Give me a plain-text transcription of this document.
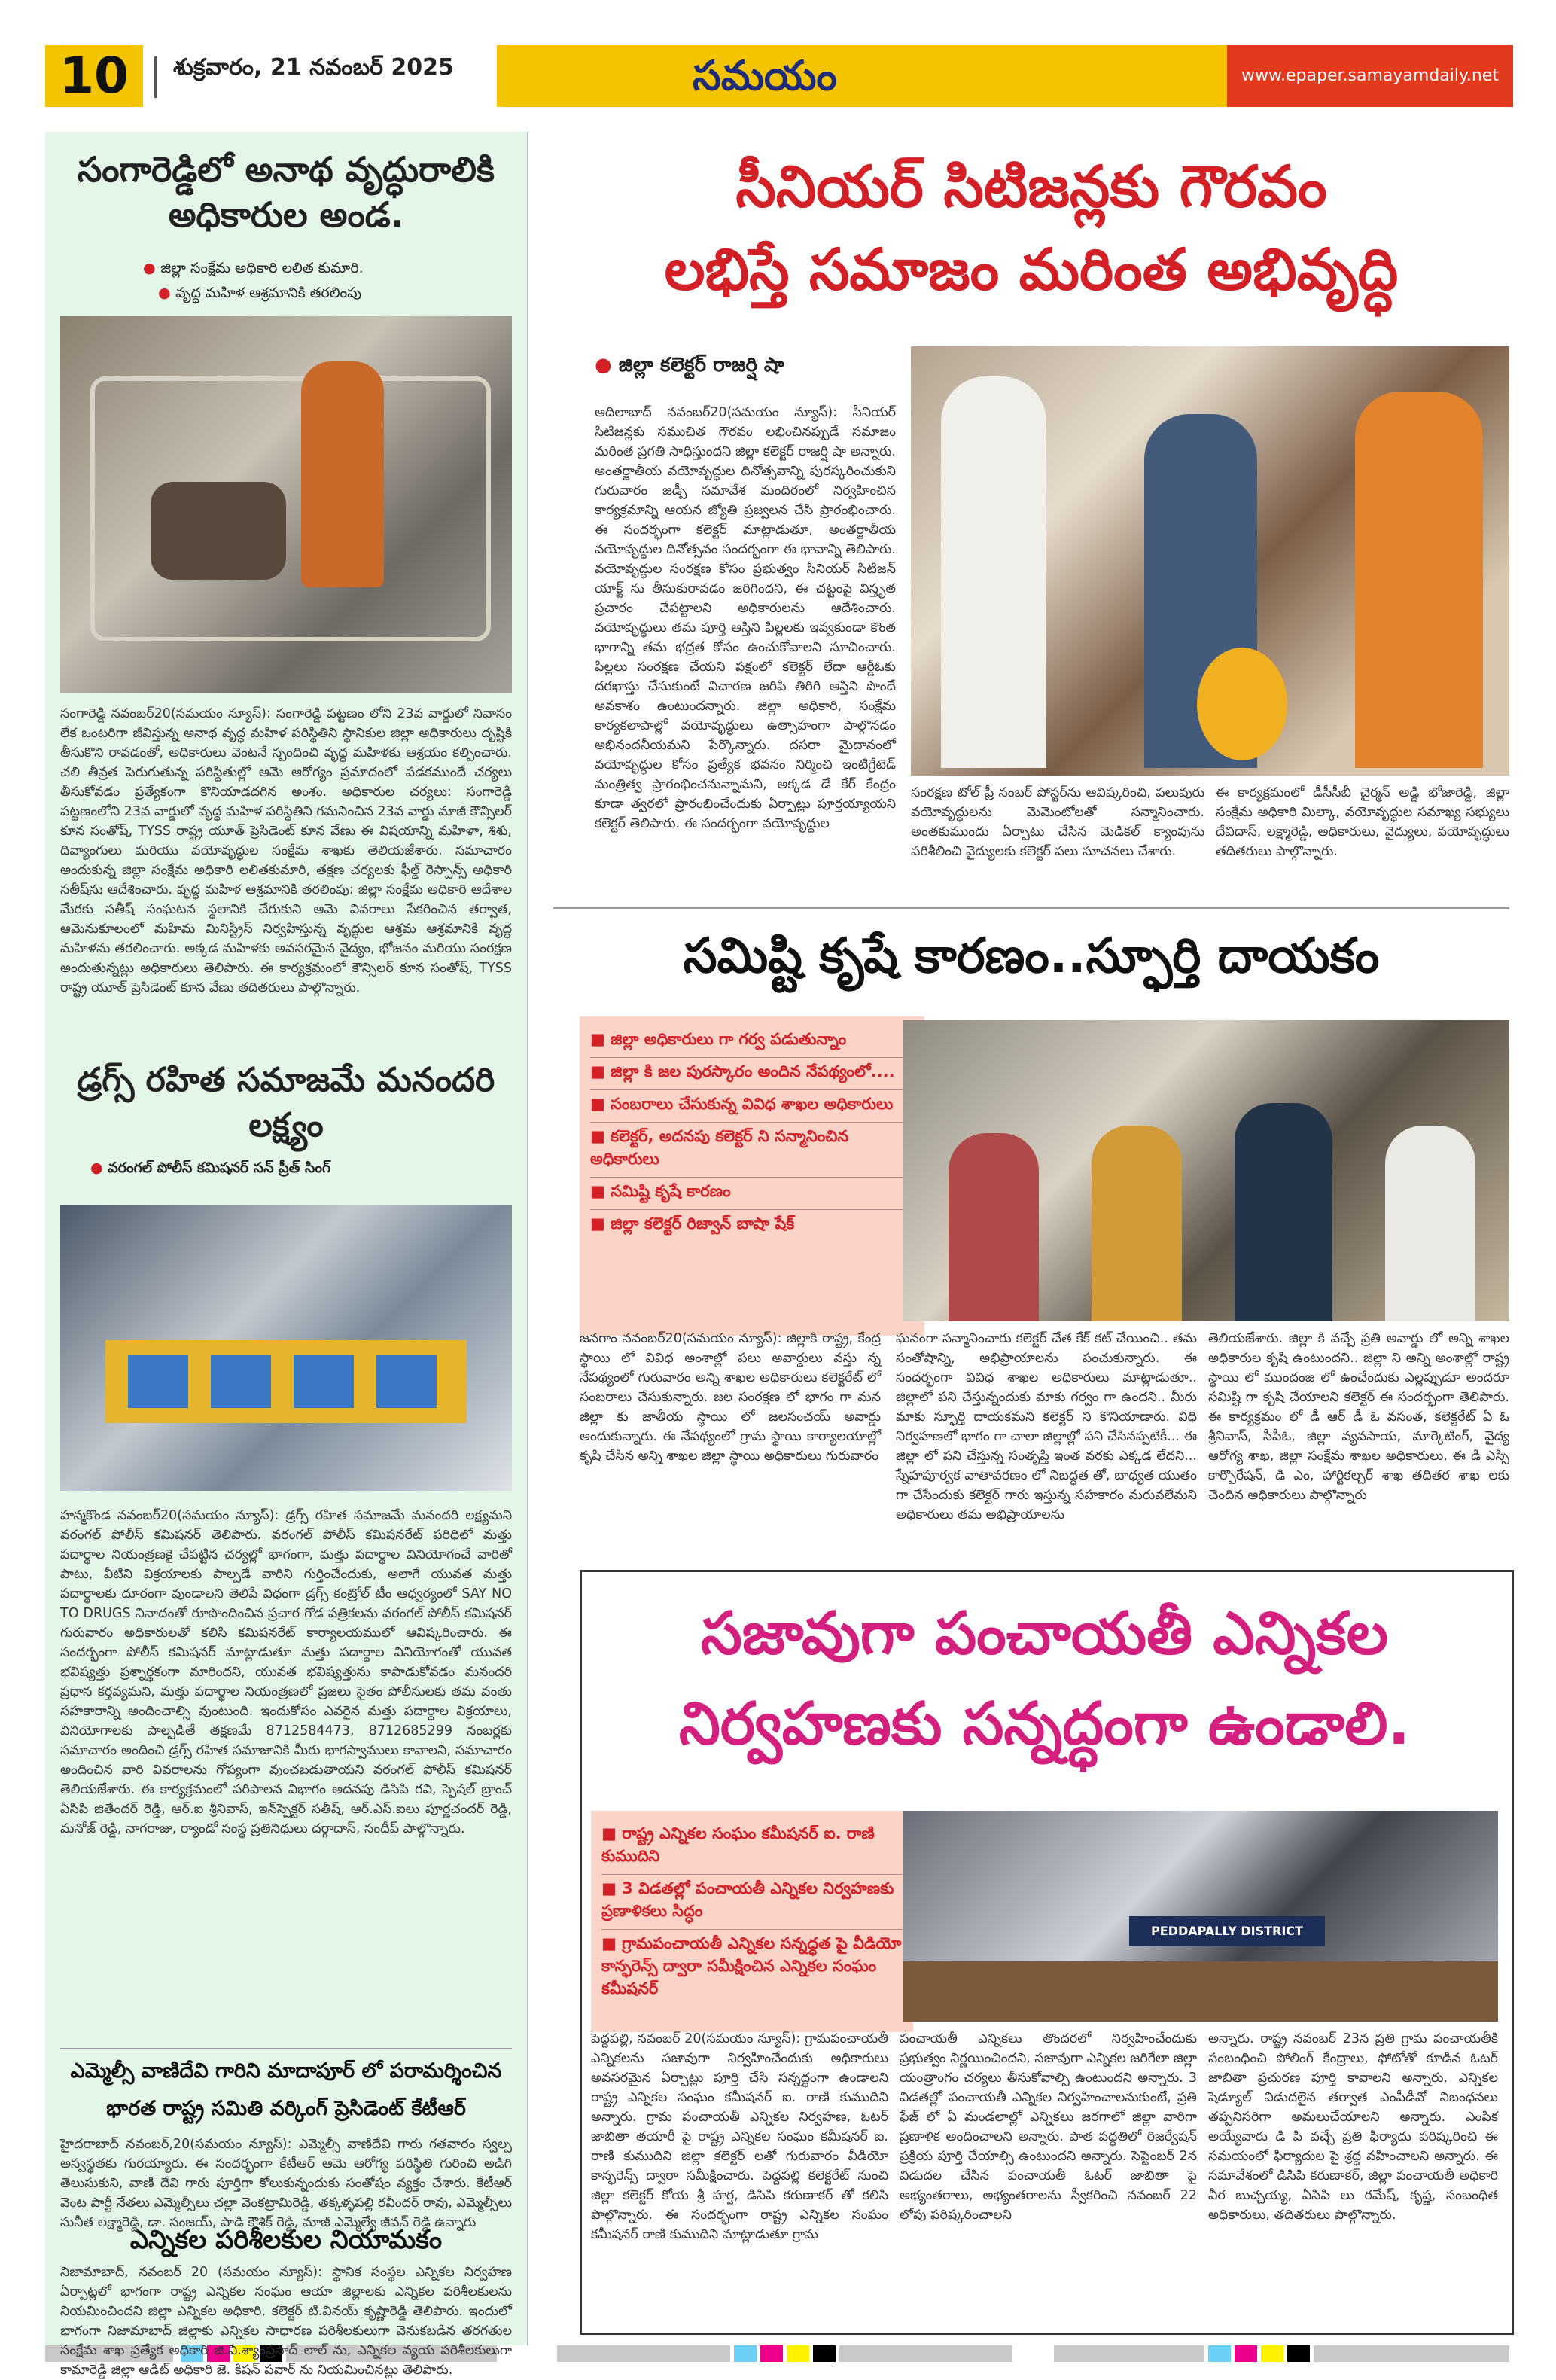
10	శుక్రవారం, 21 నవంబర్ 2025	సమయం	www.epaper.samayamdaily.net
సంగారెడ్డిలో అనాథ వృద్ధురాలికి అధికారుల అండ.
● జిల్లా సంక్షేమ అధికారి లలిత కుమారి.
● వృద్ధ మహిళ ఆశ్రమానికి తరలింపు
సంగారెడ్డి నవంబర్20(సమయం న్యూస్): సంగారెడ్డి పట్టణం లోని 23వ వార్డులో నివాసం లేక ఒంటరిగా జీవిస్తున్న అనాథ వృద్ధ మహిళ పరిస్థితిని స్థానికుల జిల్లా అధికారులు దృష్టికి తీసుకొని రావడంతో, అధికారులు వెంటనే స్పందించి వృద్ధ మహిళకు ఆశ్రయం కల్పించారు. చలి తీవ్రత పెరుగుతున్న పరిస్థితుల్లో ఆమె ఆరోగ్యం ప్రమాదంలో పడకముందే చర్యలు తీసుకోవడం ప్రత్యేకంగా కొనియాడదగిన అంశం. అధికారుల చర్యలు: సంగారెడ్డి పట్టణంలోని 23వ వార్డులో వృద్ధ మహిళ పరిస్థితిని గమనించిన 23వ వార్డు మాజీ కౌన్సిలర్ కూన సంతోష్, TYSS రాష్ట్ర యూత్ ప్రెసిడెంట్ కూన వేణు ఈ విషయాన్ని మహిళా, శిశు, దివ్యాంగులు మరియు వయోవృద్ధుల సంక్షేమ శాఖకు తెలియజేశారు. సమాచారం అందుకున్న జిల్లా సంక్షేమ అధికారి లలితకుమారి, తక్షణ చర్యలకు ఫీల్డ్ రెస్పాన్స్ అధికారి సతీష్‌ను ఆదేశించారు. వృద్ధ మహిళ ఆశ్రమానికి తరలింపు: జిల్లా సంక్షేమ అధికారి ఆదేశాల మేరకు సతీష్ సంఘటన స్థలానికి చేరుకుని ఆమె వివరాలు సేకరించిన తర్వాత, ఆమెనుకూలంలో మహిమ మినిస్ట్రీస్ నిర్వహిస్తున్న వృద్ధుల ఆశ్రమ ఆశ్రమానికి వృద్ధ మహిళను తరలించారు. అక్కడ మహిళకు అవసరమైన వైద్యం, భోజనం మరియు సంరక్షణ అందుతున్నట్లు అధికారులు తెలిపారు. ఈ కార్యక్రమంలో కౌన్సిలర్ కూన సంతోష్, TYSS రాష్ట్ర యూత్ ప్రెసిడెంట్ కూన వేణు తదితరులు పాల్గొన్నారు.
డ్రగ్స్ రహిత సమాజమే మనందరి లక్ష్యం
● వరంగల్ పోలీస్ కమిషనర్ సన్ ప్రీత్ సింగ్
హన్మకొండ నవంబర్20(సమయం న్యూస్): డ్రగ్స్ రహిత సమాజమే మనందరి లక్ష్యమని వరంగల్ పోలీస్ కమిషనర్ తెలిపారు. వరంగల్ పోలీస్ కమిషనరేట్ పరిధిలో మత్తు పదార్థాల నియంత్రణకై చేపట్టిన చర్యల్లో భాగంగా, మత్తు పదార్థాల వినియోగంచే వారితో పాటు, వీటిని విక్రయాలకు పాల్పడే వారిని గుర్తించేందుకు, అలాగే యువత మత్తు పదార్థాలకు దూరంగా వుండాలని తెలిపే విధంగా డ్రగ్స్ కంట్రోల్ టీం ఆధ్వర్యంలో SAY NO TO DRUGS నినాదంతో రూపొందించిన ప్రచార గోడ పత్రికలను వరంగల్ పోలీస్ కమిషనర్ గురువారం అధికారులతో కలిసి కమిషనరేట్ కార్యాలయములో ఆవిష్కరించారు. ఈ సందర్భంగా పోలీస్ కమిషనర్ మాట్లాడుతూ మత్తు పదార్థాల వినియోగంతో యువత భవిష్యత్తు ప్రశ్నార్థకంగా మారిందని, యువత భవిష్యత్తును కాపాడుకోవడం మనందరి ప్రధాన కర్తవ్యమని, మత్తు పదార్థాల నియంత్రణలో ప్రజలు సైతం పోలీసులకు తమ వంతు సహకారాన్ని అందించాల్సి వుంటుంది. ఇందుకోసం ఎవరైన మత్తు పదార్థాల విక్రయాలు, వినియోగాలకు పాల్పడితే తక్షణమే 8712584473, 8712685299 నంబర్లకు సమాచారం అందించి డ్రగ్స్ రహిత సమాజానికి మీరు భాగస్వాములు కావాలని, సమాచారం అందించిన వారి వివరాలను గోప్యంగా వుంచబడుతాయని వరంగల్ పోలీస్ కమిషనర్ తెలియజేశారు. ఈ కార్యక్రమంలో పరిపాలన విభాగం అదనపు డిసిపి రవి, స్పెషల్ బ్రాంచ్ ఏసిపి జితేందర్ రెడ్డి, ఆర్.ఐ శ్రీనివాస్, ఇన్‌స్పెక్టర్ సతీష్, ఆర్.ఎస్.ఐలు పూర్ణచందర్ రెడ్డి, మనోజ్ రెడ్డి, నాగరాజు, ర్యాండో సంస్థ ప్రతినిధులు దర్గాదాస్, సందీప్ పాల్గొన్నారు.
ఎమ్మెల్సీ వాణిదేవి గారిని మాదాపూర్ లో పరామర్శించిన
భారత రాష్ట్ర సమితి వర్కింగ్ ప్రెసిడెంట్ కేటీఆర్
హైదరాబాద్ నవంబర్,20(సమయం న్యూస్): ఎమ్మెల్సీ వాణిదేవి గారు గతవారం స్వల్ప అస్వస్థతకు గురయ్యారు. ఈ సందర్భంగా కేటీఆర్ ఆమె ఆరోగ్య పరిస్థితి గురించి అడిగి తెలుసుకుని, వాణి దేవి గారు పూర్తిగా కోలుకున్నందుకు సంతోషం వ్యక్తం చేశారు. కేటీఆర్ వెంట పార్టీ నేతలు ఎమ్మెల్సీలు చల్లా వెంకట్రామిరెడ్డి, తక్కళ్ళపల్లి రవీందర్ రావు, ఎమ్మెల్సీలు సునీత లక్ష్మారెడ్డి, డా. సంజయ్, పాడి కౌశిక్ రెడ్డి, మాజీ ఎమ్మెల్యే జీవన్ రెడ్డి ఉన్నారు
సీనియర్ సిటిజన్లకు గౌరవం
లభిస్తే సమాజం మరింత అభివృద్ధి
● జిల్లా కలెక్టర్ రాజర్షి షా
ఆదిలాబాద్ నవంబర్20(సమయం న్యూస్): సీనియర్ సిటిజన్లకు సముచిత గౌరవం లభించినప్పుడే సమాజం మరింత ప్రగతి సాధిస్తుందని జిల్లా కలెక్టర్ రాజర్షి షా అన్నారు. అంతర్జాతీయ వయోవృద్ధుల దినోత్సవాన్ని పురస్కరించుకుని గురువారం జడ్పీ సమావేశ మందిరంలో నిర్వహించిన కార్యక్రమాన్ని ఆయన జ్యోతి ప్రజ్వలన చేసి ప్రారంభించారు. ఈ సందర్భంగా కలెక్టర్ మాట్లాడుతూ, అంతర్జాతీయ వయోవృద్ధుల దినోత్సవం సందర్భంగా ఈ భావాన్ని తెలిపారు. వయోవృద్ధుల సంరక్షణ కోసం ప్రభుత్వం సీనియర్ సిటిజన్ యాక్ట్ ను తీసుకురావడం జరిగిందని, ఈ చట్టంపై విస్తృత ప్రచారం చేపట్టాలని అధికారులను ఆదేశించారు. వయోవృద్ధులు తమ పూర్తి ఆస్తిని పిల్లలకు ఇవ్వకుండా కొంత భాగాన్ని తమ భద్రత కోసం ఉంచుకోవాలని సూచించారు. పిల్లలు సంరక్షణ చేయని పక్షంలో కలెక్టర్ లేదా ఆర్డీఓకు దరఖాస్తు చేసుకుంటే విచారణ జరిపి తిరిగి ఆస్తిని పొందే అవకాశం ఉంటుందన్నారు. జిల్లా అధికారి, సంక్షేమ కార్యకలాపాల్లో వయోవృద్ధులు ఉత్సాహంగా పాల్గొనడం అభినందనీయమని పేర్కొన్నారు. దసరా మైదానంలో వయోవృద్ధుల కోసం ప్రత్యేక భవనం నిర్మించి ఇంటిగ్రేటెడ్ మంత్రిత్వ ప్రారంభించనున్నామని, అక్కడ డే కేర్ కేంద్రం కూడా త్వరలో ప్రారంభించేందుకు ఏర్పాట్లు పూర్తయ్యాయని కలెక్టర్ తెలిపారు. ఈ సందర్భంగా వయోవృద్ధుల
సంరక్షణ టోల్ ఫ్రీ నంబర్ పోస్టర్‌ను ఆవిష్కరించి, పలువురు వయోవృద్ధులను మెమెంటోలతో సన్మానించారు. అంతకుముందు ఏర్పాటు చేసిన మెడికల్ క్యాంపును పరిశీలించి వైద్యులకు కలెక్టర్ పలు సూచనలు చేశారు.
ఈ కార్యక్రమంలో డీసీసీబీ చైర్మన్ అడ్డి భోజారెడ్డి, జిల్లా సంక్షేమ అధికారి మిల్కా, వయోవృద్ధుల సమాఖ్య సభ్యులు దేవిదాస్, లక్ష్మారెడ్డి, అధికారులు, వైద్యులు, వయోవృద్ధులు తదితరులు పాల్గొన్నారు.
సమిష్టి కృషే కారణం..స్ఫూర్తి దాయకం
■ జిల్లా అధికారులు గా గర్వ పడుతున్నాం
■ జిల్లా కి జల పురస్కారం అందిన నేపథ్యంలో....
■ సంబరాలు చేసుకున్న వివిధ శాఖల అధికారులు
■ కలెక్టర్, అదనపు కలెక్టర్ ని సన్మానించిన అధికారులు
■ సమిష్టి కృషే కారణం
■ జిల్లా కలెక్టర్ రిజ్వాన్ బాషా షేక్
జనగాం నవంబర్20(సమయం న్యూస్): జిల్లాకి రాష్ట్ర, కేంద్ర స్థాయి లో వివిధ అంశాల్లో పలు అవార్డులు వస్తు న్న నేపథ్యంలో గురువారం అన్ని శాఖల అధికారులు కలెక్టరేట్ లో సంబరాలు చేసుకున్నారు. జల సంరక్షణ లో భాగం గా మన జిల్లా కు జాతీయ స్థాయి లో జలసంచయ్ అవార్డు అందుకున్నారు. ఈ నేపథ్యంలో గ్రామ స్థాయి కార్యాలయాల్లో కృషి చేసిన అన్ని శాఖల జిల్లా స్థాయి అధికారులు గురువారం
ఘనంగా సన్మానించారు కలెక్టర్ చేత కేక్ కట్ చేయించి.. తమ సంతోషాన్ని, అభిప్రాయాలను పంచుకున్నారు. ఈ సందర్భంగా వివిధ శాఖల అధికారులు మాట్లాడుతూ.. జిల్లాలో పని చేస్తున్నందుకు మాకు గర్వం గా ఉందని.. మీరు మాకు స్ఫూర్తి దాయకమని కలెక్టర్ ని కొనియాడారు. విధి నిర్వహణలో భాగం గా చాలా జిల్లాల్లో పని చేసినప్పటికీ... ఈ జిల్లా లో పని చేస్తున్న సంతృప్తి ఇంత వరకు ఎక్కడ లేదని... స్నేహపూర్వక వాతావరణం లో నిబద్ధత తో, బాధ్యత యుతం గా చేసేందుకు కలెక్టర్ గారు ఇస్తున్న సహకారం మరువలేమని అధికారులు తమ అభిప్రాయాలను
తెలియజేశారు. జిల్లా కి వచ్చే ప్రతి అవార్డు లో అన్ని శాఖల అధికారుల కృషి ఉంటుందని.. జిల్లా ని అన్ని అంశాల్లో రాష్ట్ర స్థాయి లో ముందంజ లో ఉంచేందుకు ఎల్లప్పుడూ అందరూ సమిష్టి గా కృషి చేయాలని కలెక్టర్ ఈ సందర్భంగా తెలిపారు. ఈ కార్యక్రమం లో డీ ఆర్ డీ ఓ వసంత, కలెక్టరేట్ ఏ ఓ శ్రీనివాస్, సీపీఓ, జిల్లా వ్యవసాయ, మార్కెటింగ్, వైద్య ఆరోగ్య శాఖ, జిల్లా సంక్షేమ శాఖల అధికారులు, ఈ డి ఎస్సీ కార్పొరేషన్, డి ఎం, హార్టికల్చర్ శాఖ తదితర శాఖ లకు చెందిన అధికారులు పాల్గొన్నారు
సజావుగా పంచాయతీ ఎన్నికల
నిర్వహణకు సన్నద్ధంగా ఉండాలి.
■ రాష్ట్ర ఎన్నికల సంఘం కమీషనర్ ఐ. రాణి కుముదిని
■ 3 విడతల్లో పంచాయతీ ఎన్నికల నిర్వహణకు ప్రణాళికలు సిద్ధం
■ గ్రామపంచాయతీ ఎన్నికల సన్నద్ధత పై వీడియో కాన్ఫరెన్స్ ద్వారా సమీక్షించిన ఎన్నికల సంఘం కమీషనర్
PEDDAPALLY DISTRICT
పెద్దపల్లి, నవంబర్ 20(సమయం న్యూస్): గ్రామపంచాయతీ ఎన్నికలను సజావుగా నిర్వహించేందుకు అధికారులు అవసరమైన ఏర్పాట్లు పూర్తి చేసి సన్నద్ధంగా ఉండాలని రాష్ట్ర ఎన్నికల సంఘం కమీషనర్ ఐ. రాణి కుముదిని అన్నారు. గ్రామ పంచాయతీ ఎన్నికల నిర్వహణ, ఓటర్ జాబితా తయారీ పై రాష్ట్ర ఎన్నికల సంఘం కమీషనర్ ఐ. రాణి కుముదిని జిల్లా కలెక్టర్ లతో గురువారం వీడియో కాన్ఫరెన్స్ ద్వారా సమీక్షించారు. పెద్దపల్లి కలెక్టరేట్ నుంచి జిల్లా కలెక్టర్ కోయ శ్రీ హర్ష, డిసిపి కరుణాకర్ తో కలిసి పాల్గొన్నారు. ఈ సందర్భంగా రాష్ట్ర ఎన్నికల సంఘం కమీషనర్ రాణి కుముదిని మాట్లాడుతూ గ్రామ
పంచాయతీ ఎన్నికలు తొందరలో నిర్వహించేందుకు ప్రభుత్వం నిర్ణయించిందని, సజావుగా ఎన్నికల జరిగేలా జిల్లా యంత్రాంగం చర్యలు తీసుకోవాల్సి ఉంటుందని అన్నారు. 3 విడతల్లో పంచాయతీ ఎన్నికల నిర్వహించాలనుకుంటే, ప్రతి ఫేజ్ లో ఏ మండలాల్లో ఎన్నికలు జరగాలో జిల్లా వారిగా ప్రణాళిక అందించాలని అన్నారు. పాత పద్ధతిలో రిజర్వేషన్ ప్రక్రియ పూర్తి చేయాల్సి ఉంటుందని అన్నారు. సెప్టెంబర్ 2న విడుదల చేసిన పంచాయతీ ఓటర్ జాబితా పై అభ్యంతరాలు, అభ్యంతరాలను స్వీకరించి నవంబర్ 22 లోపు పరిష్కరించాలని
అన్నారు. రాష్ట్ర నవంబర్ 23న ప్రతి గ్రామ పంచాయతీకి సంబంధించి పోలింగ్ కేంద్రాలు, ఫోటోతో కూడిన ఓటర్ జాబితా ప్రచురణ పూర్తి కావాలని అన్నారు. ఎన్నికల షెడ్యూల్ విడుదలైన తర్వాత ఎంపీడీవో నిబంధనలు తప్పనిసరిగా అమలుచేయాలని అన్నారు. ఎంపిక అయ్యేవారు డి పి వచ్చే ప్రతి ఫిర్యాదు పరిష్కరించి ఈ సమయంలో ఫిర్యాదుల పై శ్రద్ధ వహించాలని అన్నారు. ఈ సమావేశంలో డిసిపి కరుణాకర్, జిల్లా పంచాయతీ అధికారి వీర బుచ్చయ్య, ఏసిపి లు రమేష్, కృష్ణ, సంబంధిత అధికారులు, తదితరులు పాల్గొన్నారు.
ఎన్నికల పరిశీలకుల నియామకం
నిజామాబాద్, నవంబర్ 20 (సమయం న్యూస్): స్థానిక సంస్థల ఎన్నికల నిర్వహణ ఏర్పాట్లలో భాగంగా రాష్ట్ర ఎన్నికల సంఘం ఆయా జిల్లాలకు ఎన్నికల పరిశీలకులను నియమించిందని జిల్లా ఎన్నికల అధికారి, కలెక్టర్ టి.వినయ్ కృష్ణారెడ్డి తెలిపారు. ఇందులో భాగంగా నిజామాబాద్ జిల్లాకు ఎన్నికల సాధారణ పరిశీలకులుగా వెనుకబడిన తరగతుల సంక్షేమ శాఖ ప్రత్యేక అధికారి జి.వి.శ్యాంప్రసాద్ లాల్ ను, ఎన్నికల వ్యయ పరిశీలకులుగా కామారెడ్డి జిల్లా ఆడిట్ అధికారి జె. కిషన్ పవార్ ను నియమించినట్లు తెలిపారు.
